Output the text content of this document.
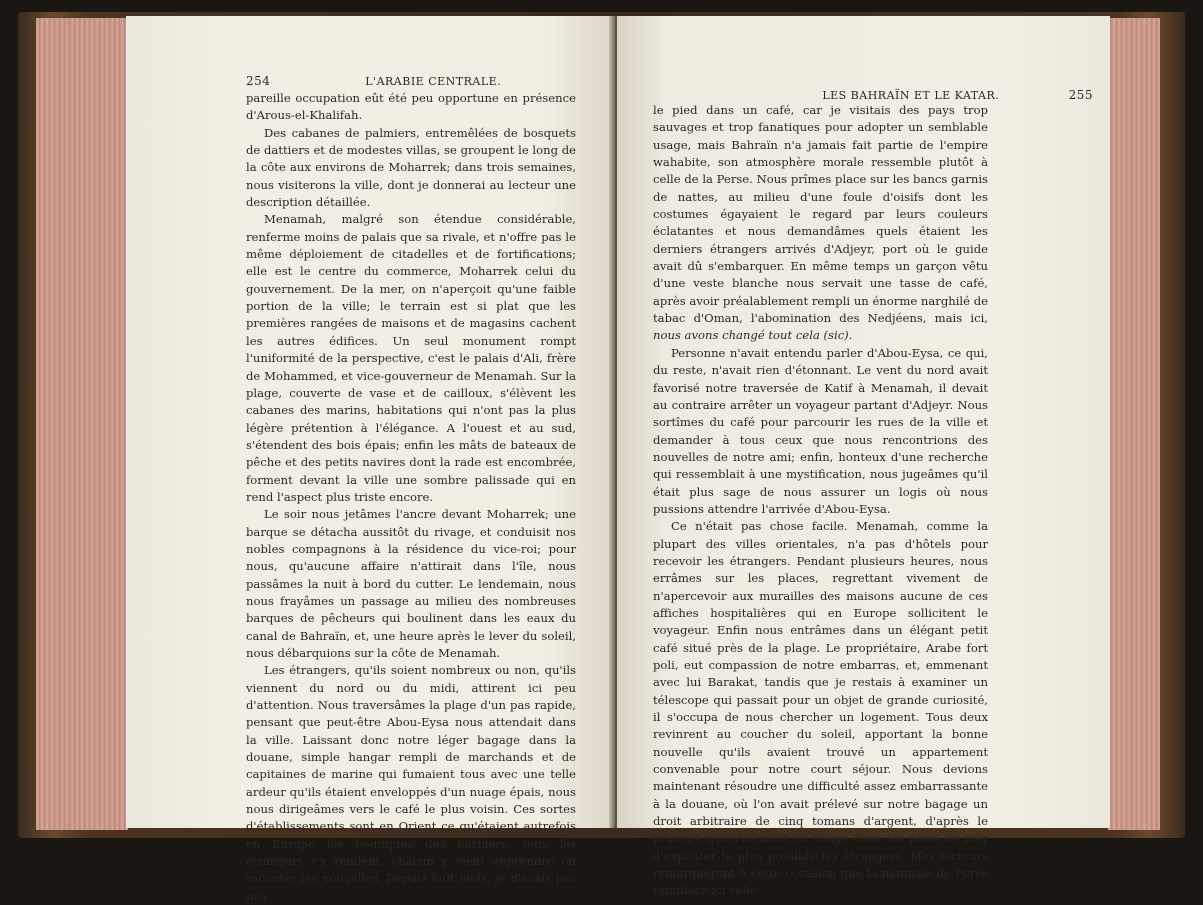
254	L'ARABIE CENTRALE.

pareille occupation eût été peu opportune en présence d'Arous-el-Khalifah.

Des cabanes de palmiers, entremêlées de bosquets de dattiers et de modestes villas, se groupent le long de la côte aux environs de Moharrek; dans trois semaines, nous visiterons la ville, dont je donnerai au lecteur une description détaillée.

Menamah, malgré son étendue considérable, renferme moins de palais que sa rivale, et n'offre pas le même déploiement de citadelles et de fortifications; elle est le centre du commerce, Moharrek celui du gouvernement. De la mer, on n'aperçoit qu'une faible portion de la ville; le terrain est si plat que les premières rangées de maisons et de magasins cachent les autres édifices. Un seul monument rompt l'uniformité de la perspective, c'est le palais d'Ali, frère de Mohammed, et vice-gouverneur de Menamah. Sur la plage, couverte de vase et de cailloux, s'élèvent les cabanes des marins, habitations qui n'ont pas la plus légère prétention à l'élégance. A l'ouest et au sud, s'étendent des bois épais; enfin les mâts de bateaux de pêche et des petits navires dont la rade est encombrée, forment devant la ville une sombre palissade qui en rend l'aspect plus triste encore.

Le soir nous jetâmes l'ancre devant Moharrek; une barque se détacha aussitôt du rivage, et conduisit nos nobles compagnons à la résidence du vice-roi; pour nous, qu'aucune affaire n'attirait dans l'île, nous passâmes la nuit à bord du cutter. Le lendemain, nous nous frayâmes un passage au milieu des nombreuses barques de pêcheurs qui boulinent dans les eaux du canal de Bahraïn, et, une heure après le lever du soleil, nous débarquions sur la côte de Menamah.

Les étrangers, qu'ils soient nombreux ou non, qu'ils viennent du nord ou du midi, attirent ici peu d'attention. Nous traversâmes la plage d'un pas rapide, pensant que peut-être Abou-Eysa nous attendait dans la ville. Laissant donc notre léger bagage dans la douane, simple hangar rempli de marchands et de capitaines de marine qui fumaient tous avec une telle ardeur qu'ils étaient enveloppés d'un nuage épais, nous nous dirigeâmes vers le café le plus voisin. Ces sortes d'établissements sont en Orient ce qu'étaient autrefois en Europe les boutiques des barbiers; tous les étrangers s'y rendent, chacun y vient apprendre ou raconter les nouvelles. Depuis huit mois, je n'avais pas mis

LES BAHRAÏN ET LE KATAR.	255

le pied dans un café, car je visitais des pays trop sauvages et trop fanatiques pour adopter un semblable usage, mais Bahraïn n'a jamais fait partie de l'empire wahabite, son atmosphère morale ressemble plutôt à celle de la Perse. Nous prîmes place sur les bancs garnis de nattes, au milieu d'une foule d'oisifs dont les costumes égayaient le regard par leurs couleurs éclatantes et nous demandâmes quels étaient les derniers étrangers arrivés d'Adjeyr, port où le guide avait dû s'embarquer. En même temps un garçon vêtu d'une veste blanche nous servait une tasse de café, après avoir préalablement rempli un énorme narghilé de tabac d'Oman, l'abomination des Nedjéens, mais ici, nous avons changé tout cela (sic).

Personne n'avait entendu parler d'Abou-Eysa, ce qui, du reste, n'avait rien d'étonnant. Le vent du nord avait favorisé notre traversée de Katif à Menamah, il devait au contraire arrêter un voyageur partant d'Adjeyr. Nous sortîmes du café pour parcourir les rues de la ville et demander à tous ceux que nous rencontrions des nouvelles de notre ami; enfin, honteux d'une recherche qui ressemblait à une mystification, nous jugeâmes qu'il était plus sage de nous assurer un logis où nous pussions attendre l'arrivée d'Abou-Eysa.

Ce n'était pas chose facile. Menamah, comme la plupart des villes orientales, n'a pas d'hôtels pour recevoir les étrangers. Pendant plusieurs heures, nous errâmes sur les places, regrettant vivement de n'apercevoir aux murailles des maisons aucune de ces affiches hospitalières qui en Europe sollicitent le voyageur. Enfin nous entrâmes dans un élégant petit café situé près de la plage. Le propriétaire, Arabe fort poli, eut compassion de notre embarras, et, emmenant avec lui Barakat, tandis que je restais à examiner un télescope qui passait pour un objet de grande curiosité, il s'occupa de nous chercher un logement. Tous deux revinrent au coucher du soleil, apportant la bonne nouvelle qu'ils avaient trouvé un appartement convenable pour notre court séjour. Nous devions maintenant résoudre une difficulté assez embarrassante à la douane, où l'on avait prélevé sur notre bagage un droit arbitraire de cinq tomans d'argent, d'après le principe généralement en usage dans les ports de mer d'exploiter le plus possible les étrangers. Mes lecteurs remarqueront à cette occasion que la monnaie de Perse remplace ici celle
